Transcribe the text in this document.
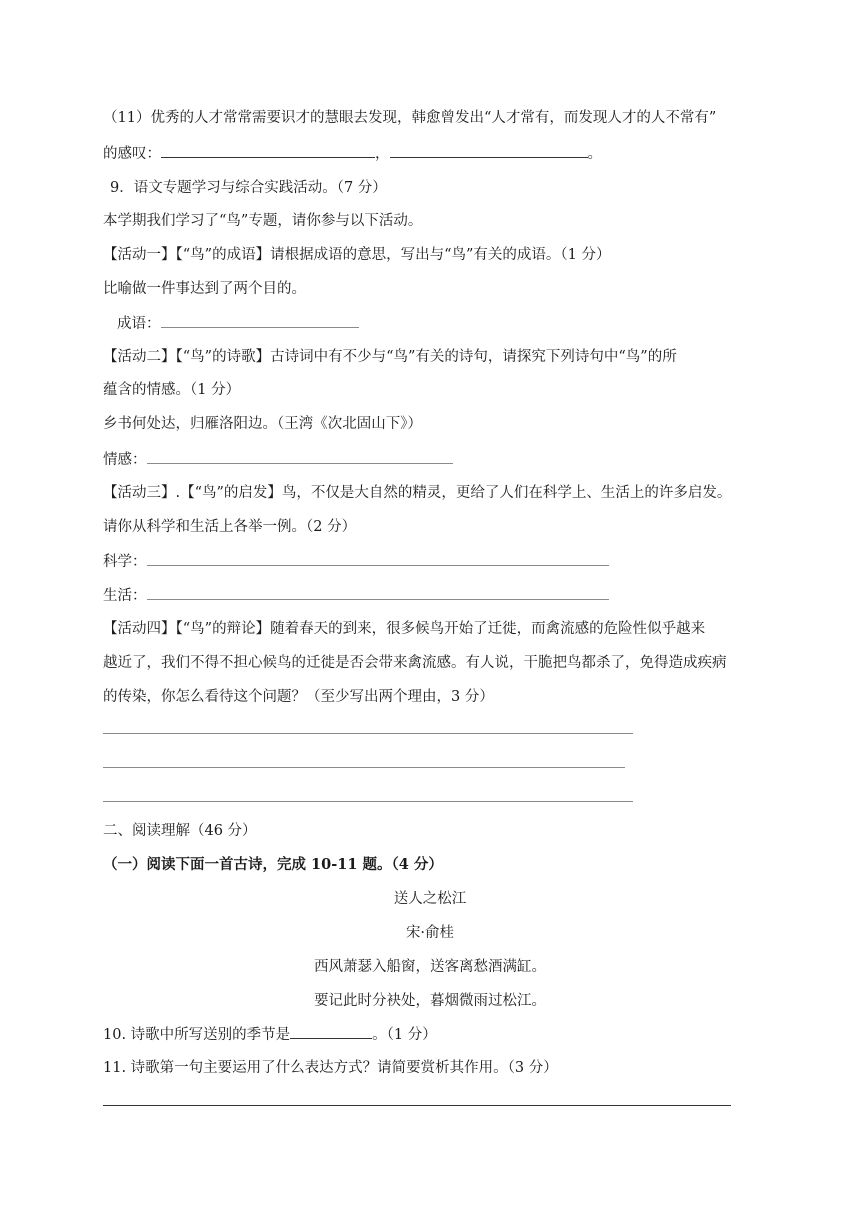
（11）优秀的人才常常需要识才的慧眼去发现，韩愈曾发出“人才常有，而发现人才的人不常有”
的感叹：	，	。
9．语文专题学习与综合实践活动。（7 分）
本学期我们学习了“鸟”专题，请你参与以下活动。
【活动一】【“鸟”的成语】请根据成语的意思，写出与“鸟”有关的成语。（1 分）
比喻做一件事达到了两个目的。
成语：
【活动二】【“鸟”的诗歌】古诗词中有不少与“鸟”有关的诗句，请探究下列诗句中“鸟”的所
蕴含的情感。（1 分）
乡书何处达，归雁洛阳边。（王湾《次北固山下》）
情感：
【活动三】.【“鸟”的启发】鸟，不仅是大自然的精灵，更给了人们在科学上、生活上的许多启发。
请你从科学和生活上各举一例。（2 分）
科学：
生活：
【活动四】【“鸟”的辩论】随着春天的到来，很多候鸟开始了迁徙，而禽流感的危险性似乎越来
越近了，我们不得不担心候鸟的迁徙是否会带来禽流感。有人说，干脆把鸟都杀了，免得造成疾病
的传染，你怎么看待这个问题？（至少写出两个理由，3 分）
二、阅读理解（46 分）
（一）阅读下面一首古诗，完成 10-11 题。（4 分）
送人之松江
宋·俞桂
西风萧瑟入船窗，送客离愁酒满缸。
要记此时分袂处，暮烟微雨过松江。
10. 诗歌中所写送别的季节是	。（1 分）
11. 诗歌第一句主要运用了什么表达方式？请简要赏析其作用。（3 分）
